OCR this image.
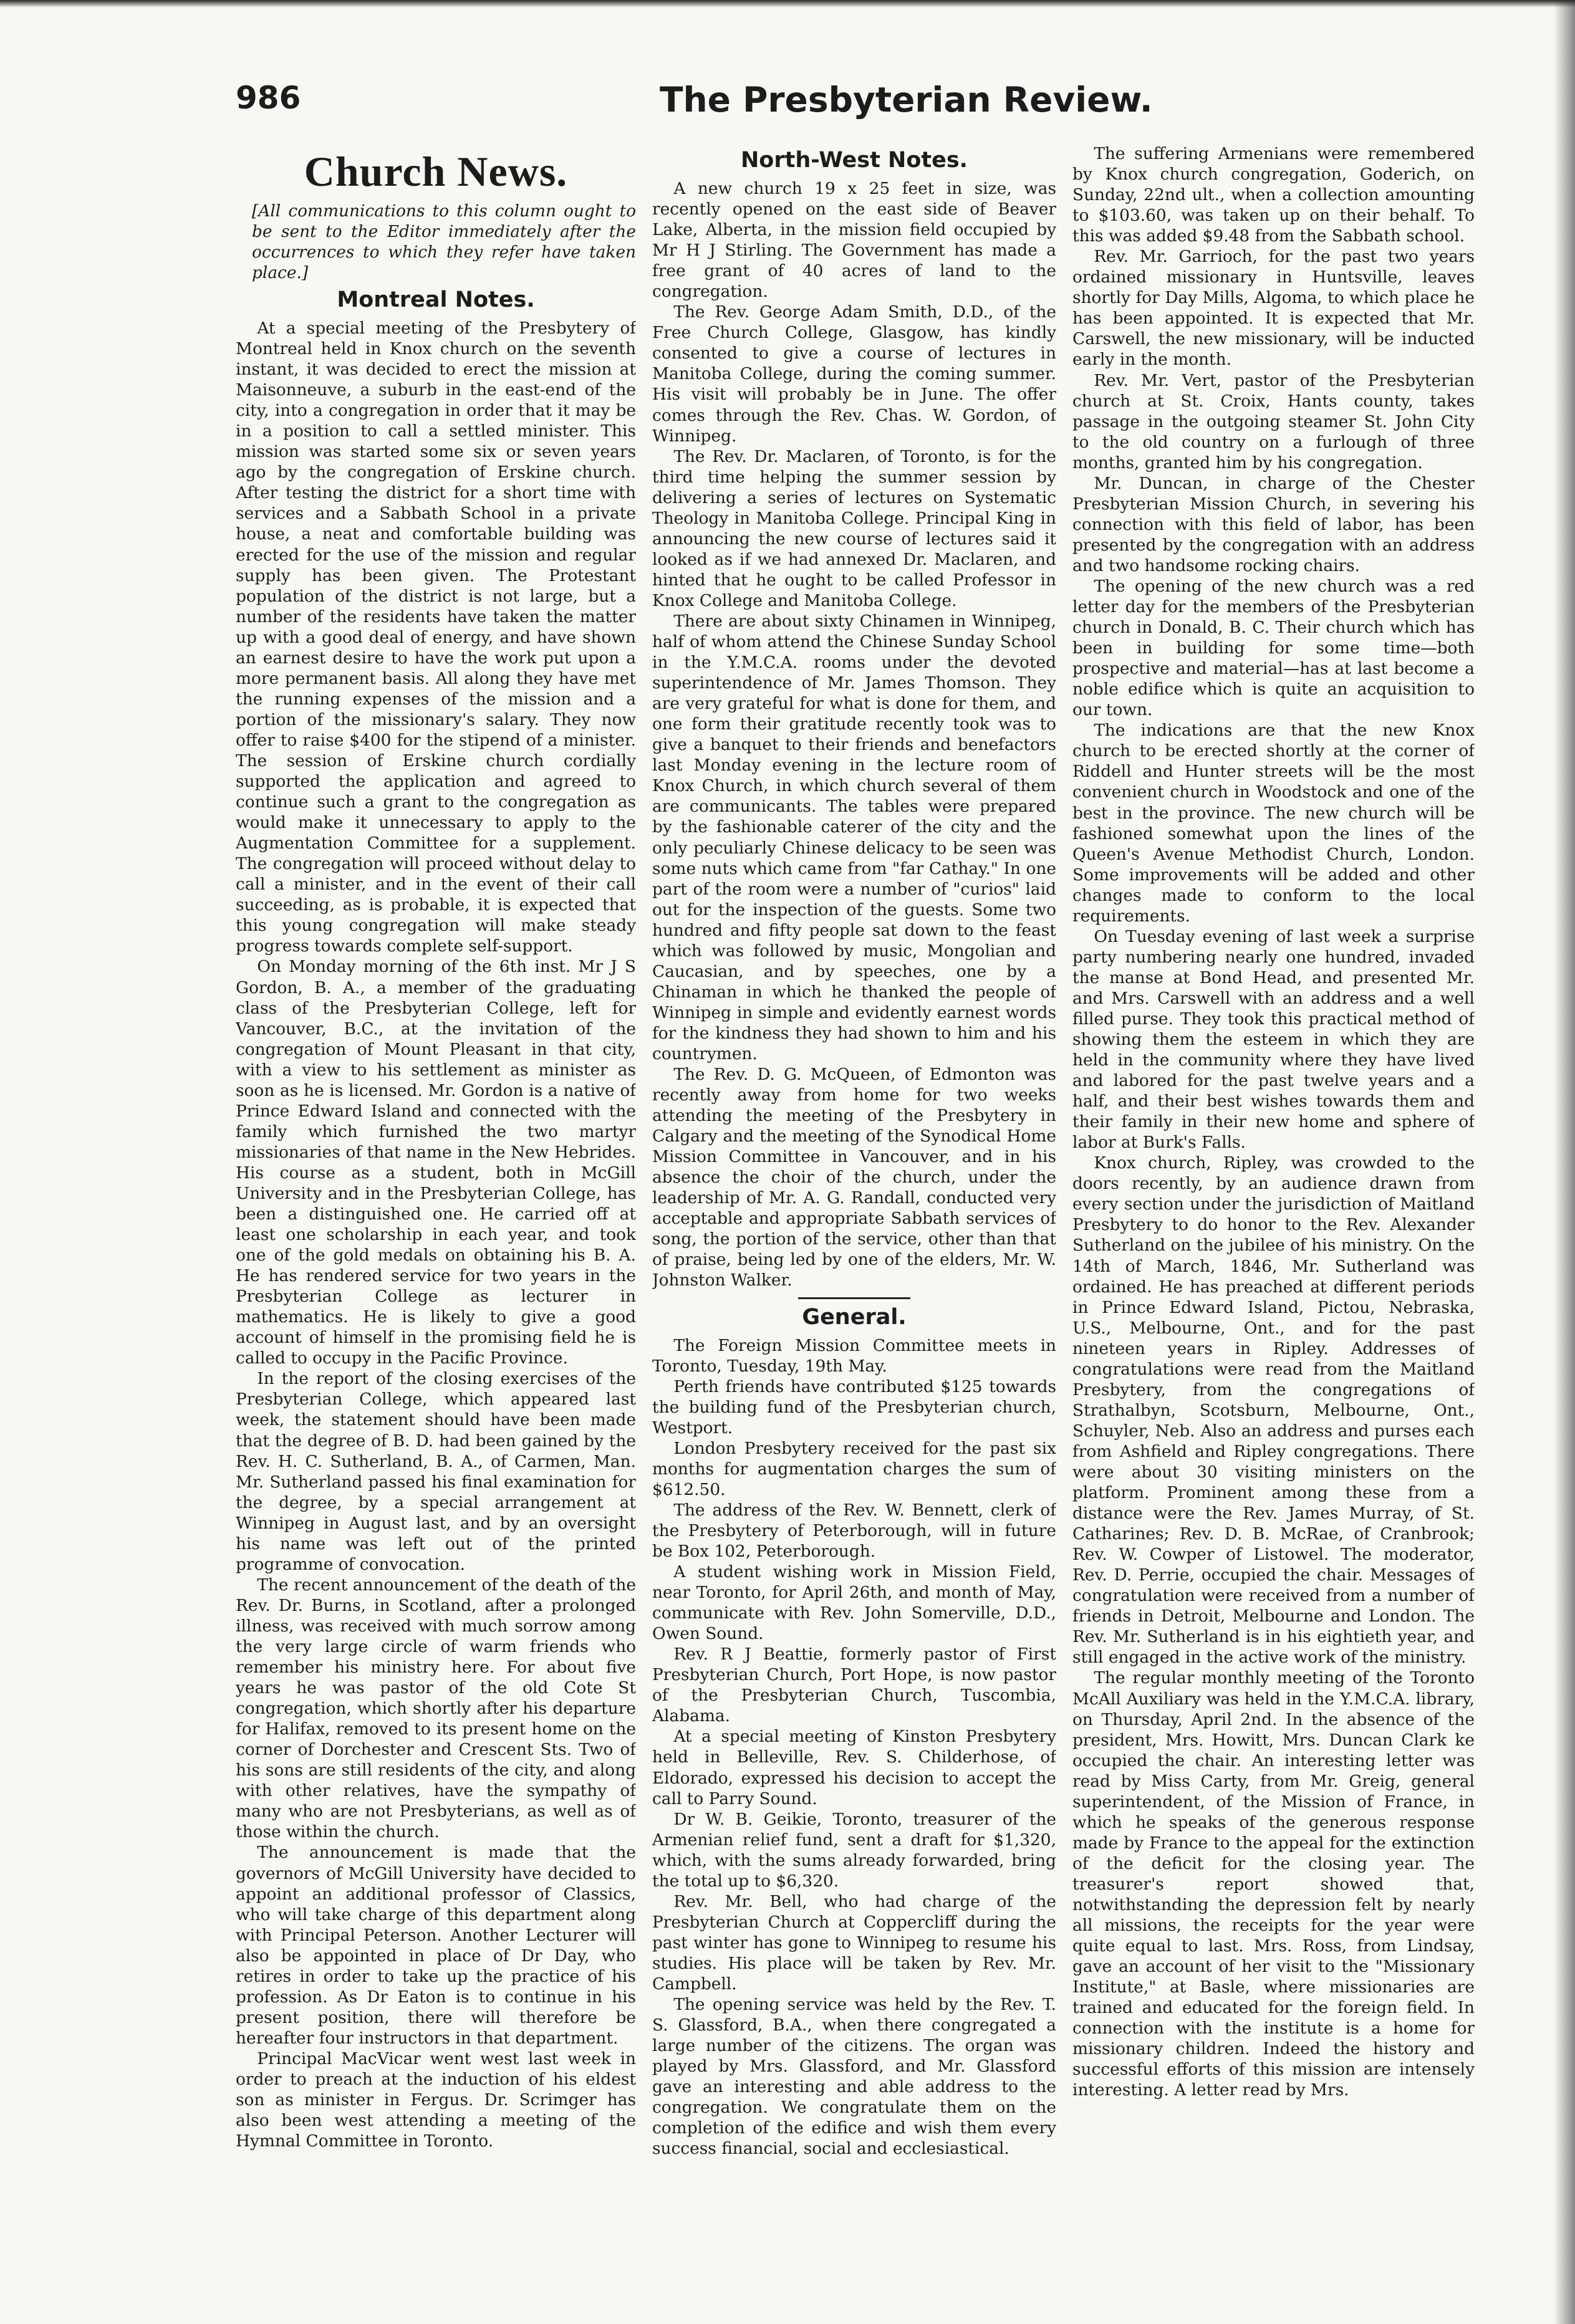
986	The Presbyterian Review.
Church News.
[All communications to this column ought to be sent to the Editor immediately after the occurrences to which they refer have taken place.]
Montreal Notes.

At a special meeting of the Presbytery of Montreal held in Knox church on the seventh instant, it was decided to erect the mission at Maisonneuve, a suburb in the east-end of the city, into a congregation in order that it may be in a position to call a settled minister. This mission was started some six or seven years ago by the congregation of Erskine church. After testing the district for a short time with services and a Sabbath School in a private house, a neat and comfortable building was erected for the use of the mission and regular supply has been given. The Protestant population of the district is not large, but a number of the residents have taken the matter up with a good deal of energy, and have shown an earnest desire to have the work put upon a more permanent basis. All along they have met the running expenses of the mission and a portion of the missionary's salary. They now offer to raise $400 for the stipend of a minister. The session of Erskine church cordially supported the application and agreed to continue such a grant to the congregation as would make it unnecessary to apply to the Augmentation Committee for a supplement. The congregation will proceed without delay to call a minister, and in the event of their call succeeding, as is probable, it is expected that this young congregation will make steady progress towards complete self-support.

On Monday morning of the 6th inst. Mr J S Gordon, B. A., a member of the graduating class of the Presbyterian College, left for Vancouver, B.C., at the invitation of the congregation of Mount Pleasant in that city, with a view to his settlement as minister as soon as he is licensed. Mr. Gordon is a native of Prince Edward Island and connected with the family which furnished the two martyr missionaries of that name in the New Hebrides. His course as a student, both in McGill University and in the Presbyterian College, has been a distinguished one. He carried off at least one scholarship in each year, and took one of the gold medals on obtaining his B. A. He has rendered service for two years in the Presbyterian College as lecturer in mathematics. He is likely to give a good account of himself in the promising field he is called to occupy in the Pacific Province.

In the report of the closing exercises of the Presbyterian College, which appeared last week, the statement should have been made that the degree of B. D. had been gained by the Rev. H. C. Sutherland, B. A., of Carmen, Man. Mr. Sutherland passed his final examination for the degree, by a special arrangement at Winnipeg in August last, and by an oversight his name was left out of the printed programme of convocation.

The recent announcement of the death of the Rev. Dr. Burns, in Scotland, after a prolonged illness, was received with much sorrow among the very large circle of warm friends who remember his ministry here. For about five years he was pastor of the old Cote St congregation, which shortly after his departure for Halifax, removed to its present home on the corner of Dorchester and Crescent Sts. Two of his sons are still residents of the city, and along with other relatives, have the sympathy of many who are not Presbyterians, as well as of those within the church.

The announcement is made that the governors of McGill University have decided to appoint an additional professor of Classics, who will take charge of this department along with Principal Peterson. Another Lecturer will also be appointed in place of Dr Day, who retires in order to take up the practice of his profession. As Dr Eaton is to continue in his present position, there will therefore be hereafter four instructors in that department.

Principal MacVicar went west last week in order to preach at the induction of his eldest son as minister in Fergus. Dr. Scrimger has also been west attending a meeting of the Hymnal Committee in Toronto.

North-West Notes.

A new church 19 x 25 feet in size, was recently opened on the east side of Beaver Lake, Alberta, in the mission field occupied by Mr H J Stirling. The Government has made a free grant of 40 acres of land to the congregation.

The Rev. George Adam Smith, D.D., of the Free Church College, Glasgow, has kindly consented to give a course of lectures in Manitoba College, during the coming summer. His visit will probably be in June. The offer comes through the Rev. Chas. W. Gordon, of Winnipeg.

The Rev. Dr. Maclaren, of Toronto, is for the third time helping the summer session by delivering a series of lectures on Systematic Theology in Manitoba College. Principal King in announcing the new course of lectures said it looked as if we had annexed Dr. Maclaren, and hinted that he ought to be called Professor in Knox College and Manitoba College.

There are about sixty Chinamen in Winnipeg, half of whom attend the Chinese Sunday School in the Y.M.C.A. rooms under the devoted superintendence of Mr. James Thomson. They are very grateful for what is done for them, and one form their gratitude recently took was to give a banquet to their friends and benefactors last Monday evening in the lecture room of Knox Church, in which church several of them are communicants. The tables were prepared by the fashionable caterer of the city and the only peculiarly Chinese delicacy to be seen was some nuts which came from "far Cathay." In one part of the room were a number of "curios" laid out for the inspection of the guests. Some two hundred and fifty people sat down to the feast which was followed by music, Mongolian and Caucasian, and by speeches, one by a Chinaman in which he thanked the people of Winnipeg in simple and evidently earnest words for the kindness they had shown to him and his countrymen.

The Rev. D. G. McQueen, of Edmonton was recently away from home for two weeks attending the meeting of the Presbytery in Calgary and the meeting of the Synodical Home Mission Committee in Vancouver, and in his absence the choir of the church, under the leadership of Mr. A. G. Randall, conducted very acceptable and appropriate Sabbath services of song, the portion of the service, other than that of praise, being led by one of the elders, Mr. W. Johnston Walker.

General.

The Foreign Mission Committee meets in Toronto, Tuesday, 19th May.

Perth friends have contributed $125 towards the building fund of the Presbyterian church, Westport.

London Presbytery received for the past six months for augmentation charges the sum of $612.50.

The address of the Rev. W. Bennett, clerk of the Presbytery of Peterborough, will in future be Box 102, Peterborough.

A student wishing work in Mission Field, near Toronto, for April 26th, and month of May, communicate with Rev. John Somerville, D.D., Owen Sound.

Rev. R J Beattie, formerly pastor of First Presbyterian Church, Port Hope, is now pastor of the Presbyterian Church, Tuscombia, Alabama.

At a special meeting of Kinston Presbytery held in Belleville, Rev. S. Childerhose, of Eldorado, expressed his decision to accept the call to Parry Sound.

Dr W. B. Geikie, Toronto, treasurer of the Armenian relief fund, sent a draft for $1,320, which, with the sums already forwarded, bring the total up to $6,320.

Rev. Mr. Bell, who had charge of the Presbyterian Church at Coppercliff during the past winter has gone to Winnipeg to resume his studies. His place will be taken by Rev. Mr. Campbell.

The opening service was held by the Rev. T. S. Glassford, B.A., when there congregated a large number of the citizens. The organ was played by Mrs. Glassford, and Mr. Glassford gave an interesting and able address to the congregation. We congratulate them on the completion of the edifice and wish them every success financial, social and ecclesiastical.

The suffering Armenians were remembered by Knox church congregation, Goderich, on Sunday, 22nd ult., when a collection amounting to $103.60, was taken up on their behalf. To this was added $9.48 from the Sabbath school.

Rev. Mr. Garrioch, for the past two years ordained missionary in Huntsville, leaves shortly for Day Mills, Algoma, to which place he has been appointed. It is expected that Mr. Carswell, the new missionary, will be inducted early in the month.

Rev. Mr. Vert, pastor of the Presbyterian church at St. Croix, Hants county, takes passage in the outgoing steamer St. John City to the old country on a furlough of three months, granted him by his congregation.

Mr. Duncan, in charge of the Chester Presbyterian Mission Church, in severing his connection with this field of labor, has been presented by the congregation with an address and two handsome rocking chairs.

The opening of the new church was a red letter day for the members of the Presbyterian church in Donald, B. C. Their church which has been in building for some time—both prospective and material—has at last become a noble edifice which is quite an acquisition to our town.

The indications are that the new Knox church to be erected shortly at the corner of Riddell and Hunter streets will be the most convenient church in Woodstock and one of the best in the province. The new church will be fashioned somewhat upon the lines of the Queen's Avenue Methodist Church, London. Some improvements will be added and other changes made to conform to the local requirements.

On Tuesday evening of last week a surprise party numbering nearly one hundred, invaded the manse at Bond Head, and presented Mr. and Mrs. Carswell with an address and a well filled purse. They took this practical method of showing them the esteem in which they are held in the community where they have lived and labored for the past twelve years and a half, and their best wishes towards them and their family in their new home and sphere of labor at Burk's Falls.

Knox church, Ripley, was crowded to the doors recently, by an audience drawn from every section under the jurisdiction of Maitland Presbytery to do honor to the Rev. Alexander Sutherland on the jubilee of his ministry. On the 14th of March, 1846, Mr. Sutherland was ordained. He has preached at different periods in Prince Edward Island, Pictou, Nebraska, U.S., Melbourne, Ont., and for the past nineteen years in Ripley. Addresses of congratulations were read from the Maitland Presbytery, from the congregations of Strathalbyn, Scotsburn, Melbourne, Ont., Schuyler, Neb. Also an address and purses each from Ashfield and Ripley congregations. There were about 30 visiting ministers on the platform. Prominent among these from a distance were the Rev. James Murray, of St. Catharines; Rev. D. B. McRae, of Cranbrook; Rev. W. Cowper of Listowel. The moderator, Rev. D. Perrie, occupied the chair. Messages of congratulation were received from a number of friends in Detroit, Melbourne and London. The Rev. Mr. Sutherland is in his eightieth year, and still engaged in the active work of the ministry.

The regular monthly meeting of the Toronto McAll Auxiliary was held in the Y.M.C.A. library, on Thursday, April 2nd. In the absence of the president, Mrs. Howitt, Mrs. Duncan Clark ke occupied the chair. An interesting letter was read by Miss Carty, from Mr. Greig, general superintendent, of the Mission of France, in which he speaks of the generous response made by France to the appeal for the extinction of the deficit for the closing year. The treasurer's report showed that, notwithstanding the depression felt by nearly all missions, the receipts for the year were quite equal to last. Mrs. Ross, from Lindsay, gave an account of her visit to the "Missionary Institute," at Basle, where missionaries are trained and educated for the foreign field. In connection with the institute is a home for missionary children. Indeed the history and successful efforts of this mission are intensely interesting. A letter read by Mrs.
